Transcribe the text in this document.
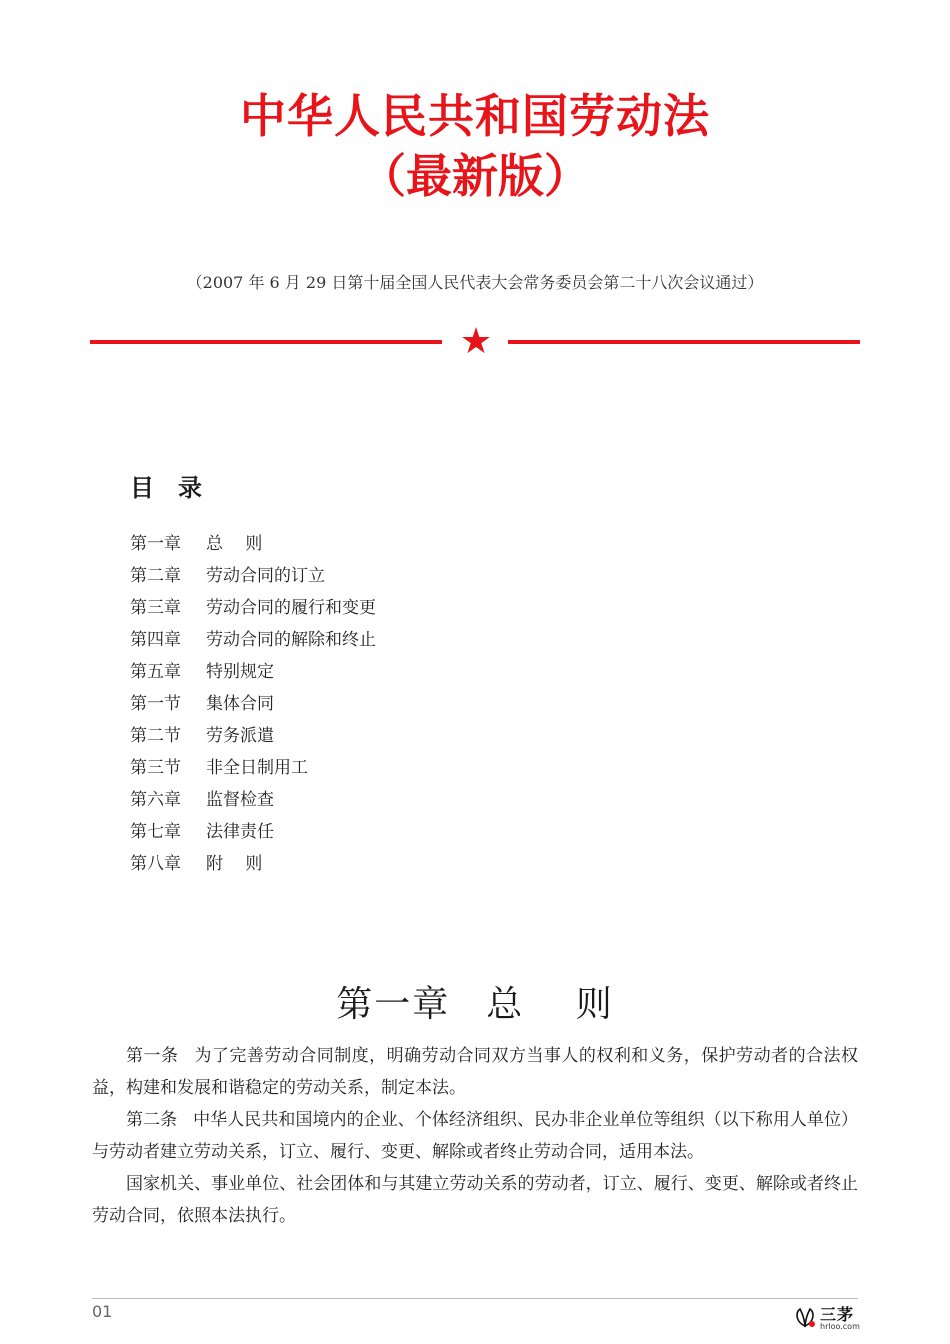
中华人民共和国劳动法
（最新版）
（2007 年 6 月 29 日第十届全国人民代表大会常务委员会第二十八次会议通过）
★
目 录
第一章 总　 则
第二章 劳动合同的订立
第三章 劳动合同的履行和变更
第四章 劳动合同的解除和终止
第五章 特别规定
第一节 集体合同
第二节 劳务派遣
第三节 非全日制用工
第六章 监督检查
第七章 法律责任
第八章 附　 则
第一章 总　 则

第一条 为了完善劳动合同制度，明确劳动合同双方当事人的权利和义务，保护劳动者的合法权益，构建和发展和谐稳定的劳动关系，制定本法。

第二条 中华人民共和国境内的企业、个体经济组织、民办非企业单位等组织（以下称用人单位）与劳动者建立劳动关系，订立、履行、变更、解除或者终止劳动合同，适用本法。

国家机关、事业单位、社会团体和与其建立劳动关系的劳动者，订立、履行、变更、解除或者终止劳动合同，依照本法执行。

01	三茅
hrloo.com
